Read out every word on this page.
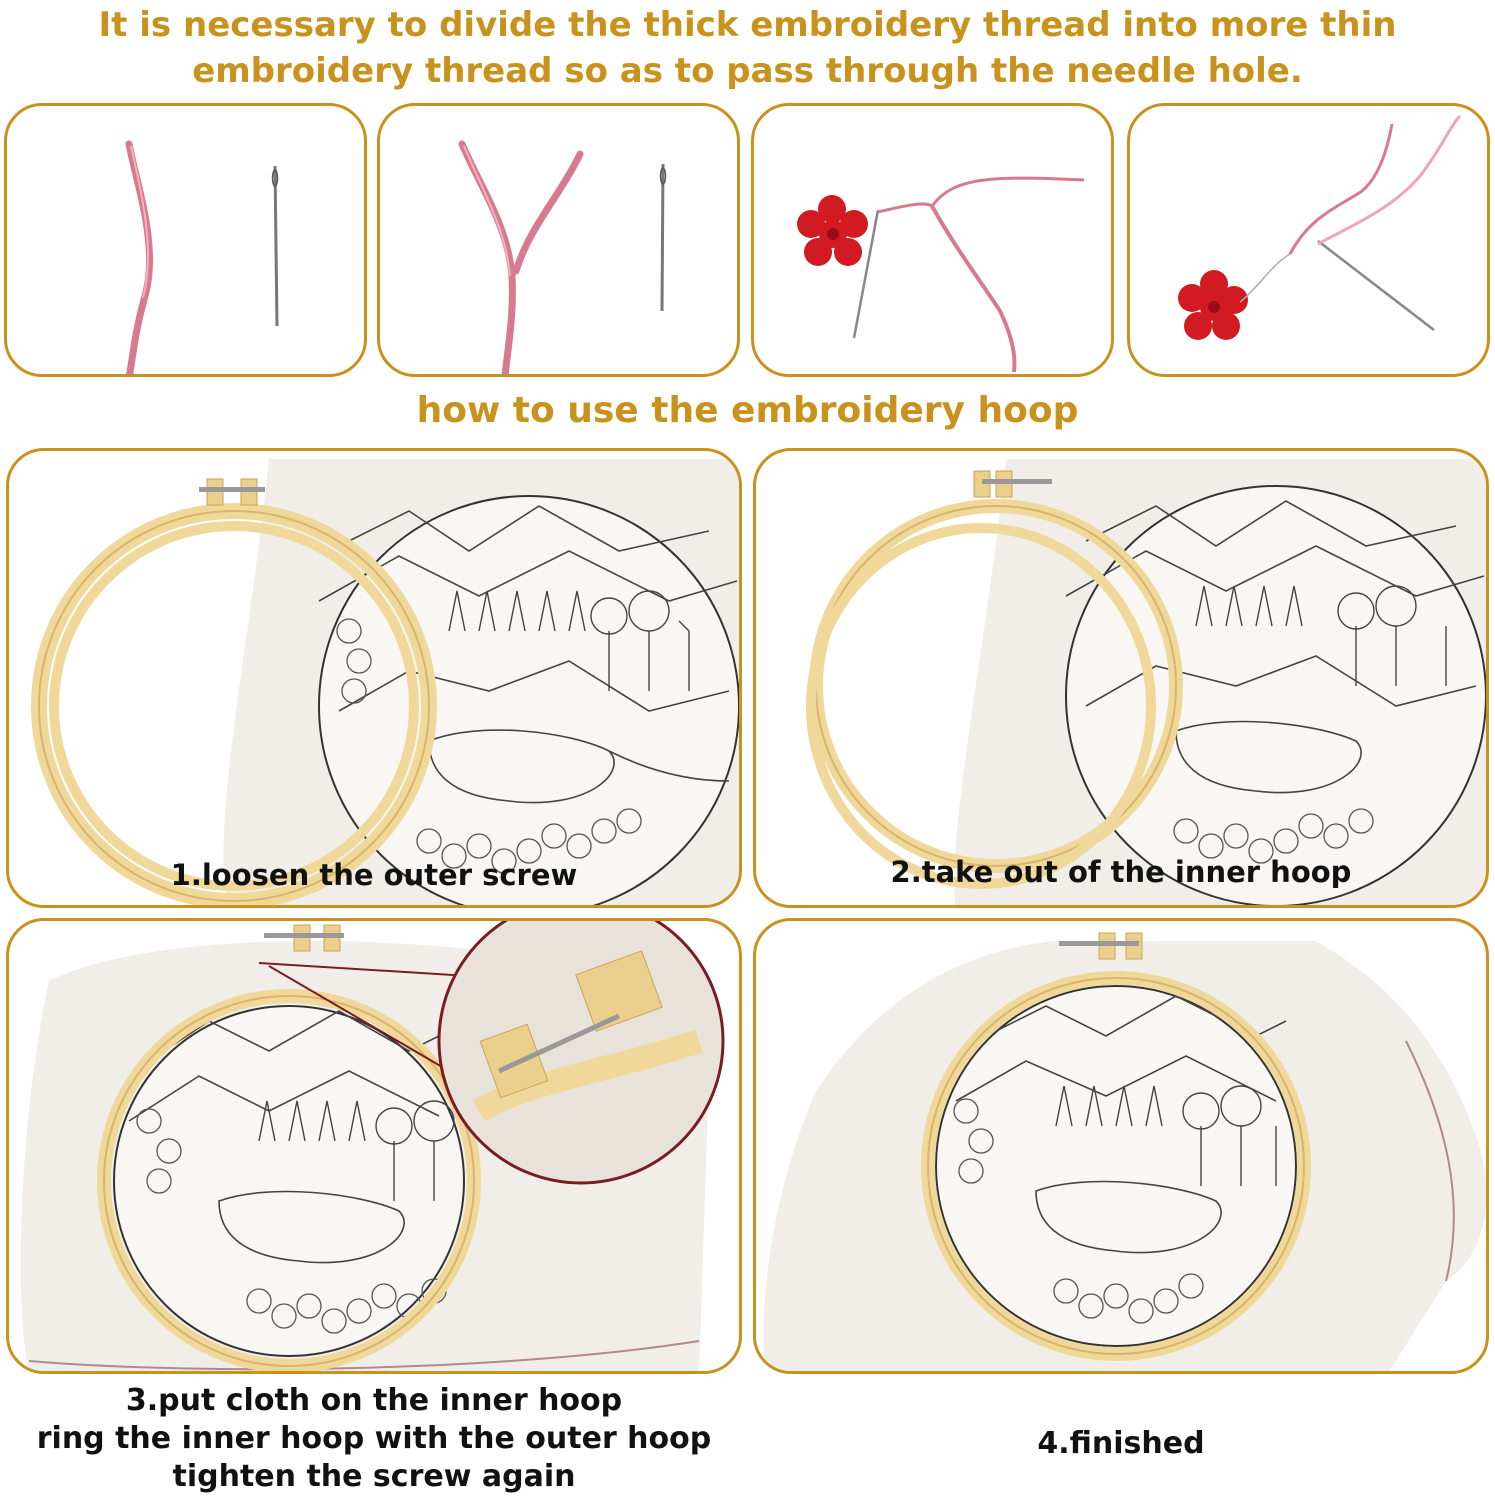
It is necessary to divide the thick embroidery thread into more thin
embroidery thread so as to pass through the needle hole.
how to use the embroidery hoop
1.loosen the outer screw	2.take out of the inner hoop
3.put cloth on the inner hoop
ring the inner hoop with the outer hoop
tighten the screw again
4.finished
